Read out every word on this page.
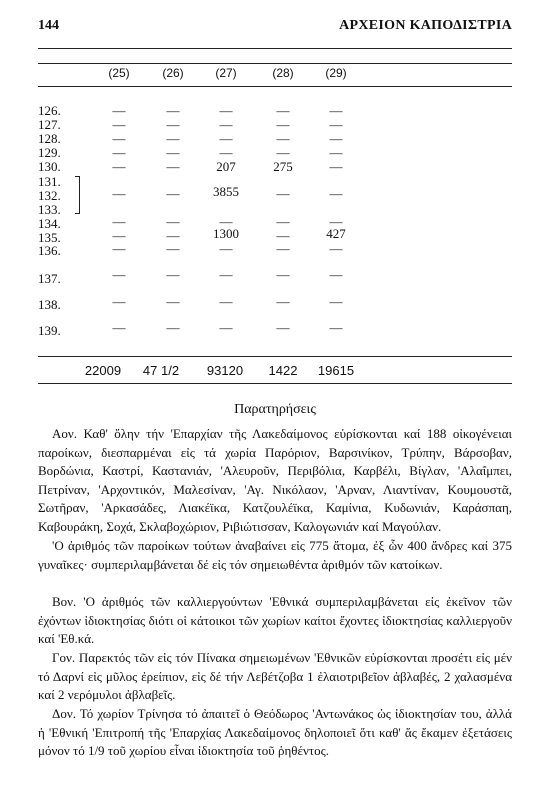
144	ΑΡΧΕΙΟΝ ΚΑΠΟΔΙΣΤΡΙΑ
(25)	(26)	(27)	(28)	(29)
126.	—	—	—	—	—
127.	—	—	—	—	—
128.	—	—	—	—	—
129.	—	—	—	—	—
130.	—	—	207	275	—
131.
132.	—	—	3855	—	—
133.
134.	—	—	—	—	—
135.	—	—	1300	—	427
136.	—	—	—	—	—
137.	—	—	—	—	—
138.	—	—	—	—	—
139.	—	—	—	—	—
22009	47 1/2	93120	1422	19615
Παρατηρήσεις
Αον. Καθ' ὅλην τήν 'Επαρχίαν τῆς Λακεδαίμονος εὑρίσκονται καί 188 οἰκογένειαι παροίκων, διεσπαρμέναι εἰς τά χωρία Παρόριον, Βαρσινίκον, Τρύπην, Βάρσοβαν, Βορδώνια, Καστρί, Καστανιάν, 'Αλευροῦν, Περιβόλια, Καρβέλι, Βίγλαν, 'Αλαΐμπει, Πετρίναν, 'Αρχοντικόν, Μαλεσίναν, 'Αγ. Νικόλαον, 'Αρναν, Λιαντίναν, Κουμουστᾶ, Σωτῆραν, 'Αρκασάδες, Λιακέϊκα, Κατζουλέϊκα, Καμίνια, Κυδωνιάν, Καράσπαη, Καβουράκη, Σοχά, Σκλαβοχώριον, Ριβιώτισσαν, Καλογωνιάν καί Μαγούλαν.
'Ο ἀριθμός τῶν παροίκων τούτων ἀναβαίνει εἰς 775 ἄτομα, ἐξ ὧν 400 ἄνδρες καί 375 γυναῖκες· συμπεριλαμβάνεται δέ εἰς τόν σημειωθέντα ἀριθμόν τῶν κατοίκων.
Βον. 'Ο ἀριθμός τῶν καλλιεργούντων 'Εθνικά συμπεριλαμβάνεται εἰς ἐκεῖνον τῶν ἐχόντων ἰδιοκτησίας διότι οἱ κάτοικοι τῶν χωρίων καίτοι ἔχοντες ἰδιοκτησίας καλλιεργοῦν καί 'Εθ.κά.
Γον. Παρεκτός τῶν εἰς τόν Πίνακα σημειωμένων 'Εθνικῶν εὑρίσκονται προσέτι εἰς μέν τό Δαρνί εἰς μῦλος ἐρείπιον, εἰς δέ τήν Λεβέτζοβα 1 ἐλαιοτριβεῖον ἀβλαβές, 2 χαλασμένα καί 2 νερόμυλοι ἀβλαβεῖς.
Δον. Τό χωρίον Τρίνησα τό ἀπαιτεῖ ὁ Θεόδωρος 'Αντωνάκος ὡς ἰδιοκτησίαν του, ἀλλά ἡ 'Εθνική 'Επιτροπή τῆς 'Επαρχίας Λακεδαίμονος δηλοποιεῖ ὅτι καθ' ἅς ἔκαμεν ἐξετάσεις μόνον τό 1/9 τοῦ χωρίου εἶναι ἰδιοκτησία τοῦ ῥηθέντος.
